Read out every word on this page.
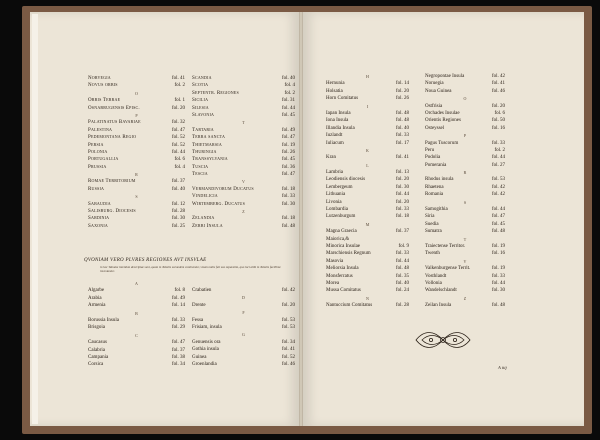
Norvegia	fol. 41
Novus orbis	fol. 2
O
Orbis Terrae	fol. 1
Osnabrugensis Episc.	fol. 20
P
Palatinatus Bavariae	fol. 32
Palestina	fol. 47
Pedemontana Regio	fol. 52
Persia	fol. 52
Polonia	fol. 44
Portugallia	fol. 6
Prussia	fol. 4
R
Romae Territorium	fol. 37
Russia	fol. 40
S
Sabaudia	fol. 12
Salisburg. Diocesis	fol. 28
Sardinia	fol. 30
Saxonia	fol. 25
Scandia	fol. 40
Scotia	fol. 4
Septentr. Regiones	fol. 2
Sicilia	fol. 31
Silesia	fol. 44
Slavonia	fol. 45
T
Tartaria	fol. 49
Terra sancta	fol. 47
Thietmarsia	fol. 19
Thuringia	fol. 26
Transsylvania	fol. 45
Tuscia	fol. 36
Tescia	fol. 47
V
Vermandivorum Ducatus	fol. 18
Vindelicia	fol. 33
Wirtemberg. Ducatus	fol. 30
Z
Zelandia	fol. 18
Zerbi Insula	fol. 48
QVONIAM VERO PLVRES REGIONES AVT INSVLAE
in hoc Tabulae interdum descriptae sunt, quam in Tabulis earundem continentur, visum nobis fuit eas separatim, quo loci alibi in Tabulis facillime inveniantur.
A
Algarbe	fol. 8
Arabia	fol. 49
Armenia	fol. 14
B
Borussia Insula	fol. 33
Brisgoia	fol. 29
C
Caucasus	fol. 47
Calabria	fol. 37
Campania	fol. 38
Corsica	fol. 34
Crabatien	fol. 42
D
Drente	fol. 20
F
Fessa	fol. 53
Frisiam, insula	fol. 53
G
Genuensis ora	fol. 34
Gothia insula	fol. 41
Guinea	fol. 52
Groenlandia	fol. 46
H
Hernunia	fol. 14
Holsatia	fol. 20
Horn Comitatus	fol. 26
I
Iapan Insula	fol. 48
Iona Insula	fol. 48
Illandia Insula	fol. 40
Iuzlandt	fol. 33
Iuliacum	fol. 17
K
Kran	fol. 41
L
Lambria	fol. 13
Leodiensis diocesis	fol. 20
Lembergeum	fol. 30
Lithuania	fol. 44
Livonia	fol. 20
Lombardia	fol. 33
Lutzenburgum	fol. 18
M
Magna Graecia	fol. 37
Maiorica,&
Minorica Insulae	fol. 9
Marschiensis Regnum	fol. 33
Masovia	fol. 44
Meliorsia Insula	fol. 48
Monsferratus	fol. 35
Morea	fol. 40
Mussa Comitatus	fol. 24
N
Nantuccium Comitatus	fol. 28
Negropontae Insula	fol. 42
Noruegia	fol. 41
Noua Guinea	fol. 46
O
Ostfrisia	fol. 20
Orchades Insulae	fol. 6
Orientis Regiones	fol. 50
Osteyssel	fol. 16
P
Pagus Tuscorum	fol. 33
Peru	fol. 2
Podolia	fol. 44
Pomerania	fol. 27
R
Rhodus insula	fol. 53
Rhaetena	fol. 42
Romania	fol. 42
S
Samogithia	fol. 44
Siria	fol. 47
Suedia	fol. 45
Sumatra	fol. 48
T
Traiectense Territor.	fol. 19
Twenth	fol. 16
V
Valkenburgense Territ.	fol. 19
Vosthlandt	fol. 33
Vollonia	fol. 44
Wandelschlandt	fol. 30
Z
Zeilan Insula	fol. 48
A iiij
